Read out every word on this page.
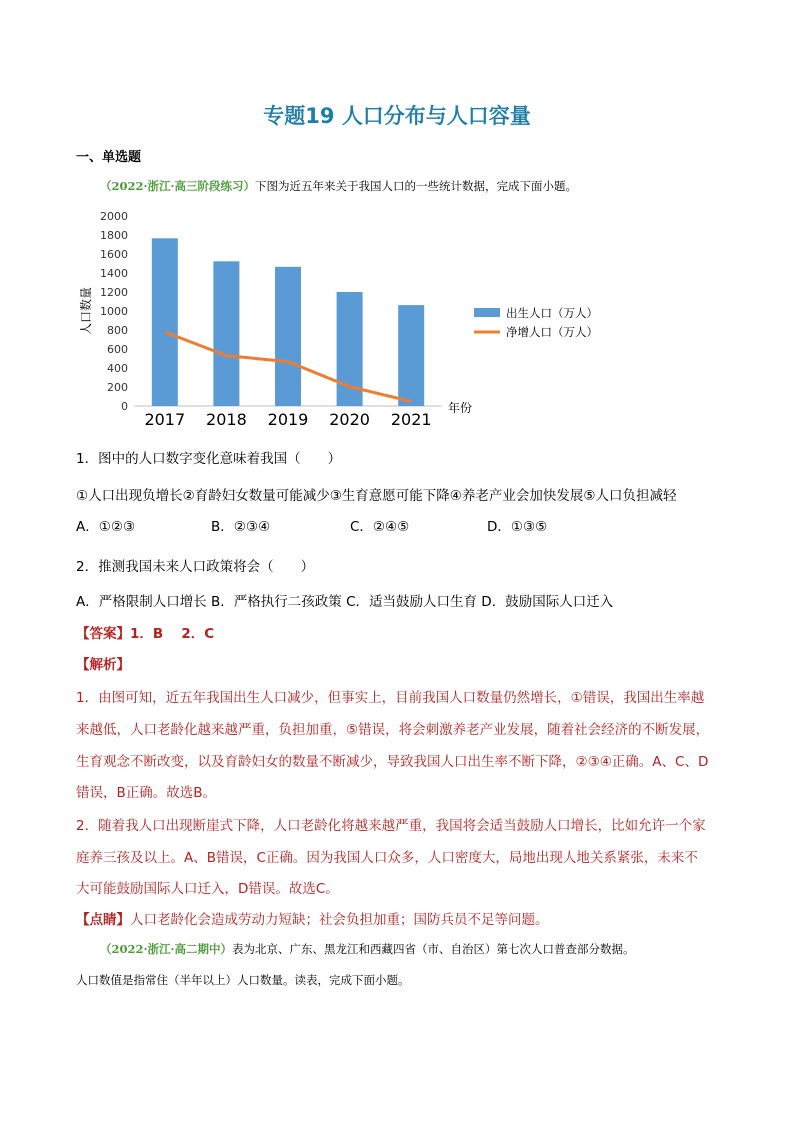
专题19 人口分布与人口容量
一、单选题
（2022·浙江·高三阶段练习）下图为近五年来关于我国人口的一些统计数据，完成下面小题。
0
200
400
600
800
1000
1200
1400
1600
1800
2000
人口数量
2017 2018 2019 2020 2021
年份
出生人口（万人）
净增人口（万人）
1．图中的人口数字变化意味着我国（　　）
①人口出现负增长②育龄妇女数量可能减少③生育意愿可能下降④养老产业会加快发展⑤人口负担减轻
A．①②③	B．②③④	C．②④⑤	D．①③⑤
2．推测我国未来人口政策将会（　　）
A．严格限制人口增长 B．严格执行二孩政策 C．适当鼓励人口生育 D．鼓励国际人口迁入
【答案】1．B　 2．C
【解析】
1．由图可知，近五年我国出生人口减少，但事实上，目前我国人口数量仍然增长，①错误，我国出生率越
来越低，人口老龄化越来越严重，负担加重，⑤错误，将会刺激养老产业发展，随着社会经济的不断发展，
生育观念不断改变，以及育龄妇女的数量不断减少，导致我国人口出生率不断下降，②③④正确。A、C、D
错误，B正确。故选B。
2．随着我人口出现断崖式下降，人口老龄化将越来越严重，我国将会适当鼓励人口增长，比如允许一个家
庭养三孩及以上。A、B错误，C正确。因为我国人口众多，人口密度大，局地出现人地关系紧张，未来不
大可能鼓励国际人口迁入，D错误。故选C。
【点睛】人口老龄化会造成劳动力短缺；社会负担加重；国防兵员不足等问题。
（2022·浙江·高二期中）表为北京、广东、黑龙江和西藏四省（市、自治区）第七次人口普查部分数据。
人口数值是指常住（半年以上）人口数量。读表，完成下面小题。
